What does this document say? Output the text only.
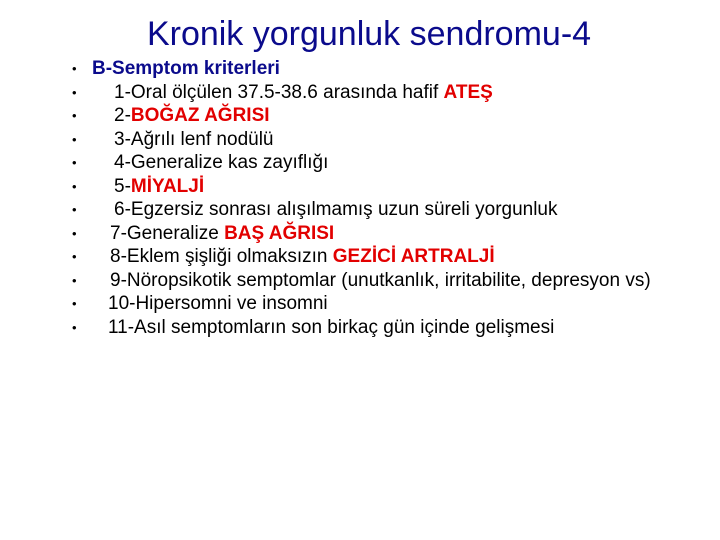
Kronik yorgunluk sendromu-4
• B-Semptom kriterleri
• 1-Oral ölçülen 37.5-38.6 arasında hafif ATEŞ
• 2-BOĞAZ AĞRISI
• 3-Ağrılı lenf nodülü
• 4-Generalize kas zayıflığı
• 5-MİYALJİ
• 6-Egzersiz sonrası alışılmamış uzun süreli yorgunluk
• 7-Generalize BAŞ AĞRISI
• 8-Eklem şişliği olmaksızın GEZİCİ ARTRALJİ
• 9-Nöropsikotik semptomlar (unutkanlık, irritabilite, depresyon vs)
• 10-Hipersomni ve insomni
• 11-Asıl semptomların son birkaç gün içinde gelişmesi
